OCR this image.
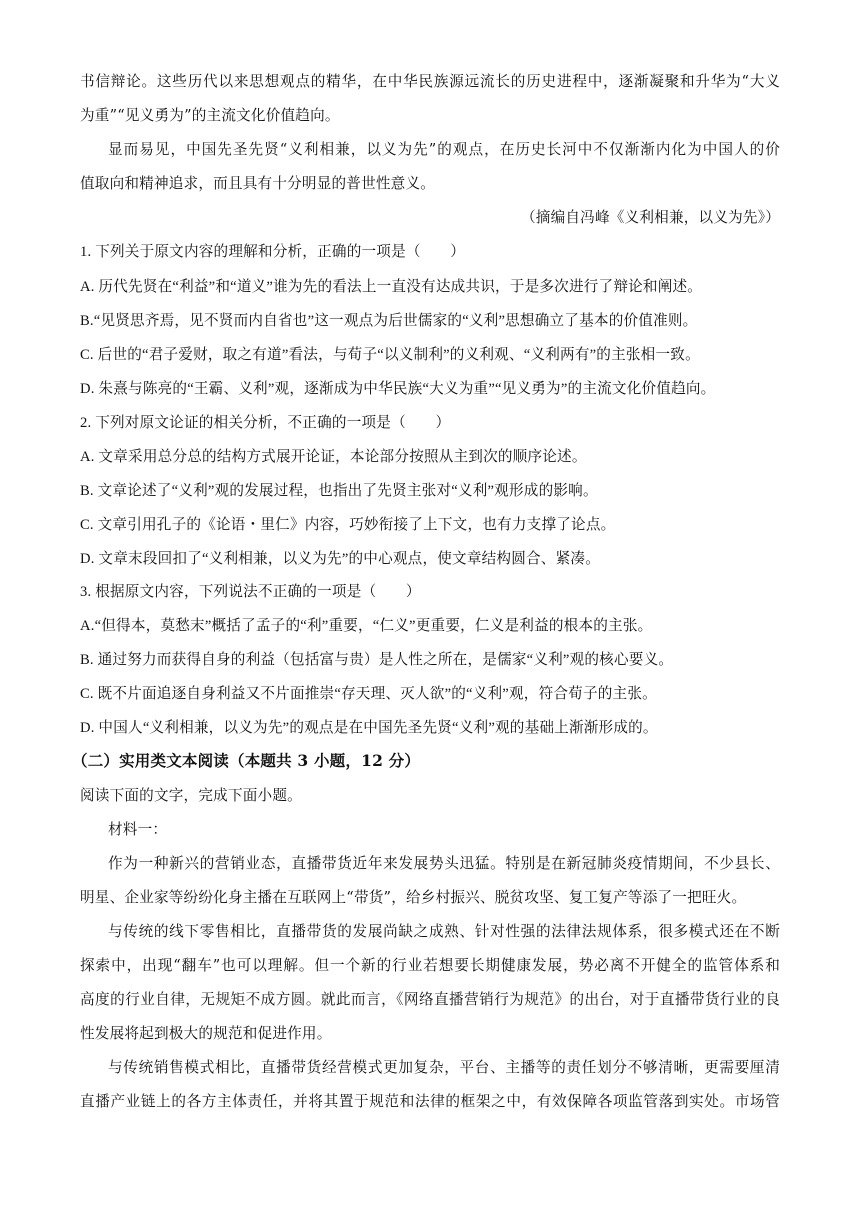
书信辩论。这些历代以来思想观点的精华，在中华民族源远流长的历史进程中，逐渐凝聚和升华为“大义
为重”“见义勇为”的主流文化价值趋向。
显而易见，中国先圣先贤“义利相兼，以义为先”的观点，在历史长河中不仅渐渐内化为中国人的价
值取向和精神追求，而且具有十分明显的普世性意义。
（摘编自冯峰《义利相兼，以义为先》）
1. 下列关于原文内容的理解和分析，正确的一项是（　　）
A. 历代先贤在“利益”和“道义”谁为先的看法上一直没有达成共识，于是多次进行了辩论和阐述。
B.“见贤思齐焉，见不贤而内自省也”这一观点为后世儒家的“义利”思想确立了基本的价值准则。
C. 后世的“君子爱财，取之有道”看法，与荀子“以义制利”的义利观、“义利两有”的主张相一致。
D. 朱熹与陈亮的“王霸、义利”观，逐渐成为中华民族“大义为重”“见义勇为”的主流文化价值趋向。
2. 下列对原文论证的相关分析，不正确的一项是（　　）
A. 文章采用总分总的结构方式展开论证，本论部分按照从主到次的顺序论述。
B. 文章论述了“义利”观的发展过程，也指出了先贤主张对“义利”观形成的影响。
C. 文章引用孔子的《论语・里仁》内容，巧妙衔接了上下文，也有力支撑了论点。
D. 文章末段回扣了“义利相兼，以义为先”的中心观点，使文章结构圆合、紧凑。
3. 根据原文内容，下列说法不正确的一项是（　　）
A.“但得本，莫愁末”概括了孟子的“利”重要，“仁义”更重要，仁义是利益的根本的主张。
B. 通过努力而获得自身的利益（包括富与贵）是人性之所在，是儒家“义利”观的核心要义。
C. 既不片面追逐自身利益又不片面推崇“存天理、灭人欲”的“义利”观，符合荀子的主张。
D. 中国人“义利相兼，以义为先”的观点是在中国先圣先贤“义利”观的基础上渐渐形成的。
（二）实用类文本阅读（本题共 3 小题，12 分）
阅读下面的文字，完成下面小题。
材料一：
作为一种新兴的营销业态，直播带货近年来发展势头迅猛。特别是在新冠肺炎疫情期间，不少县长、
明星、企业家等纷纷化身主播在互联网上“带货”，给乡村振兴、脱贫攻坚、复工复产等添了一把旺火。
与传统的线下零售相比，直播带货的发展尚缺之成熟、针对性强的法律法规体系，很多模式还在不断
探索中，出现“翻车”也可以理解。但一个新的行业若想要长期健康发展，势必离不开健全的监管体系和
高度的行业自律，无规矩不成方圆。就此而言，《网络直播营销行为规范》的出台，对于直播带货行业的良
性发展将起到极大的规范和促进作用。
与传统销售模式相比，直播带货经营模式更加复杂，平台、主播等的责任划分不够清晰，更需要厘清
直播产业链上的各方主体责任，并将其置于规范和法律的框架之中，有效保障各项监管落到实处。市场管
